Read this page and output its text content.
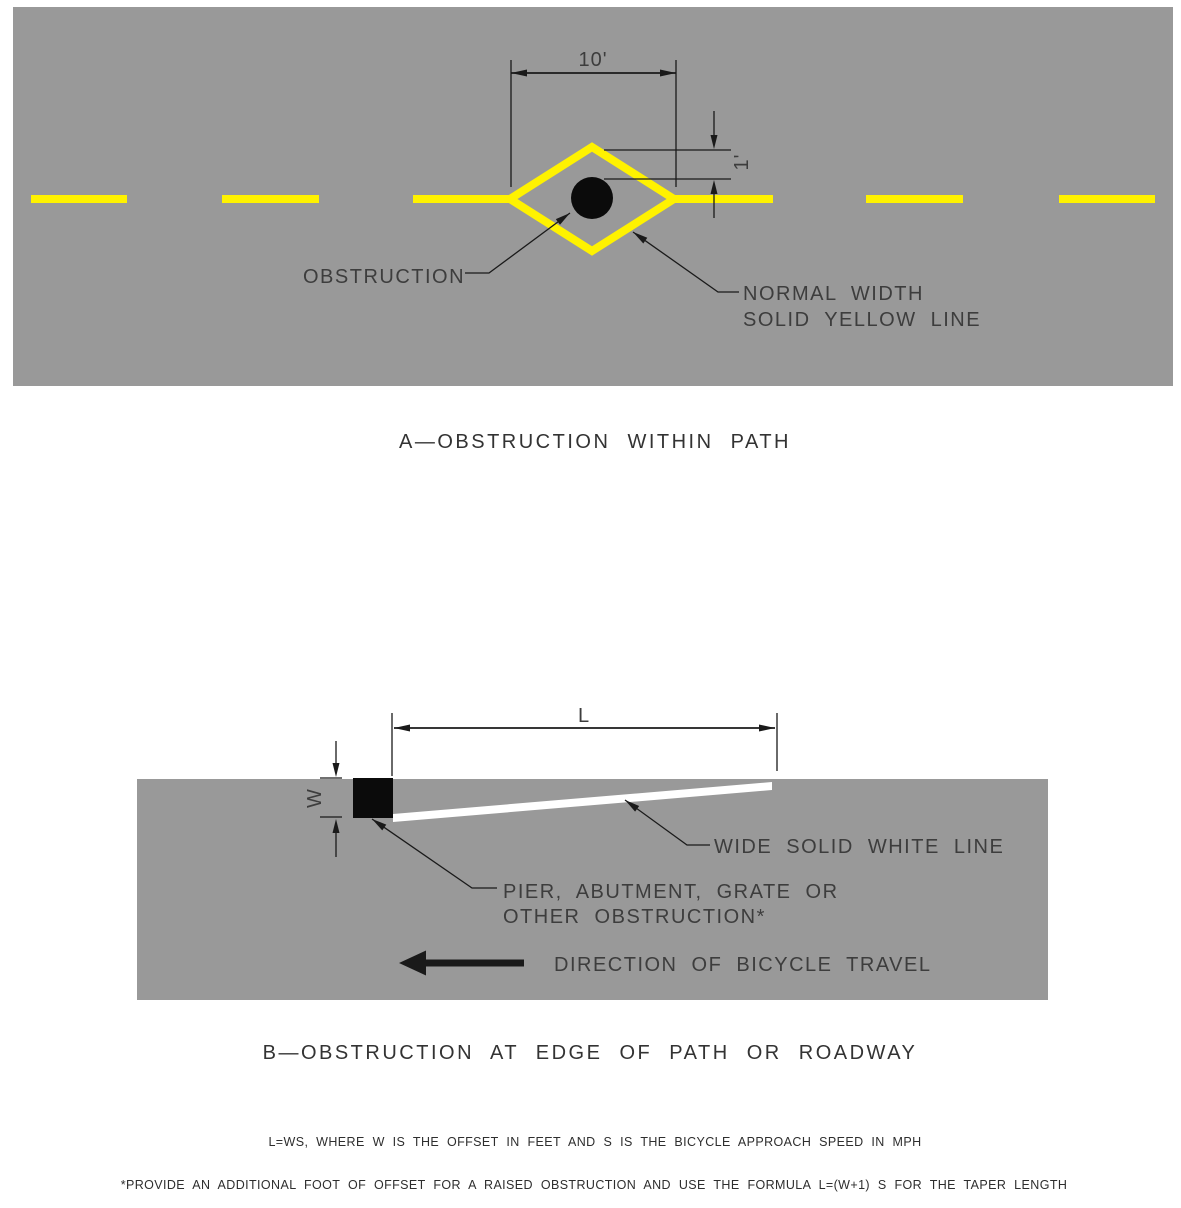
10'
1'
OBSTRUCTION
NORMAL WIDTH
SOLID YELLOW LINE
A—OBSTRUCTION WITHIN PATH
L
W
WIDE SOLID WHITE LINE
PIER, ABUTMENT, GRATE OR
OTHER OBSTRUCTION*
DIRECTION OF BICYCLE TRAVEL
B—OBSTRUCTION AT EDGE OF PATH OR ROADWAY
L=WS, WHERE W IS THE OFFSET IN FEET AND S IS THE BICYCLE APPROACH SPEED IN MPH
*PROVIDE AN ADDITIONAL FOOT OF OFFSET FOR A RAISED OBSTRUCTION AND USE THE FORMULA L=(W+1) S FOR THE TAPER LENGTH
